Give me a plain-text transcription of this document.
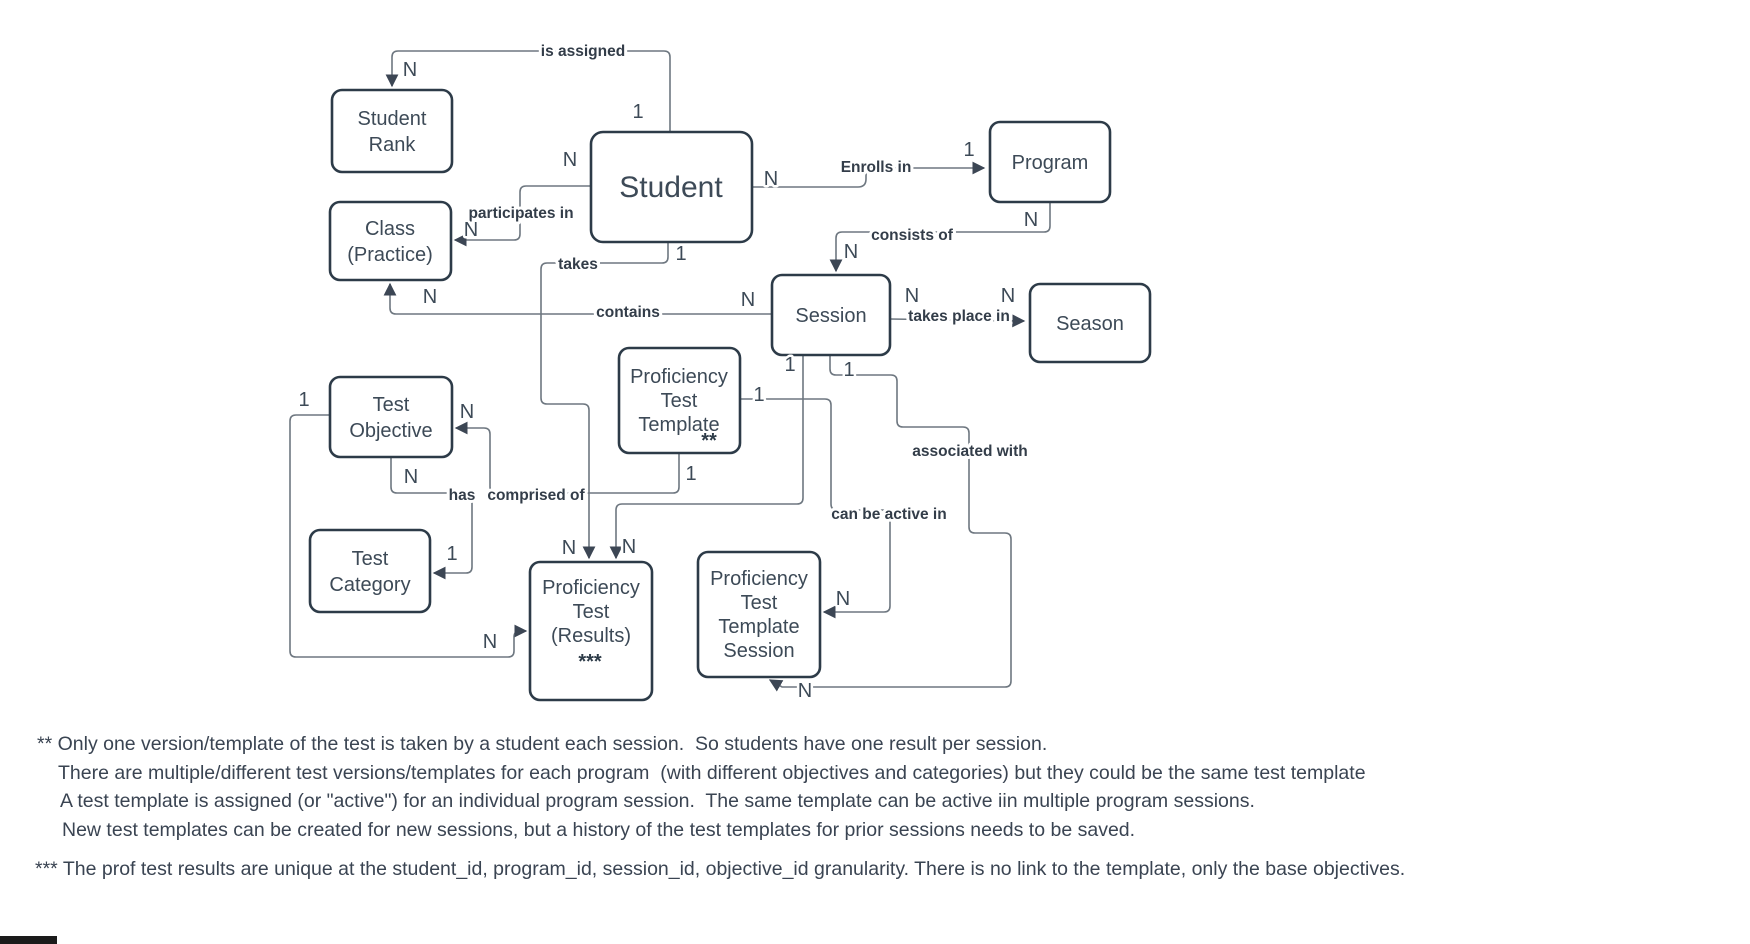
Student
Rank
Student
Program
Class
(Practice)
Session	Season
Test
Objective
Proficiency
Test
Template
**
Test
Category	Proficiency
Test
(Results)
***
Proficiency
Test
Template
Session
is assigned
Enrolls in
consists of
takes place in
contains
participates in
takes
has comprised of
can be active in
associated with
1
N
N
1
N
N
N	N
N
N
N
N
1
N
1
N
1
N
N
1
1
N
1
N
1
N
** Only one version/template of the test is taken by a student each session.  So students have one result per session.
There are multiple/different test versions/templates for each program  (with different objectives and categories) but they could be the same test template
A test template is assigned (or "active") for an individual program session.  The same template can be active iin multiple program sessions.
New test templates can be created for new sessions, but a history of the test templates for prior sessions needs to be saved.
*** The prof test results are unique at the student_id, program_id, session_id, objective_id granularity. There is no link to the template, only the base objectives.
